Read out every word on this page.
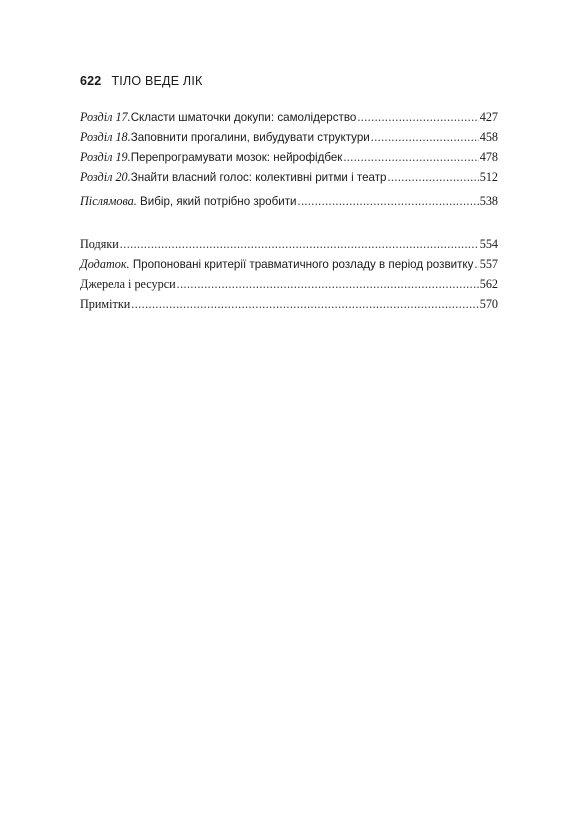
622 ТІЛО ВЕДЕ ЛІК
Розділ 17. Скласти шматочки докупи: самолідерство .....	427
Розділ 18. Заповнити прогалини, вибудувати структури .....	458
Розділ 19. Перепрограмувати мозок: нейрофідбек .....	478
Розділ 20. Знайти власний голос: колективні ритми і театр .....	512
Післямова. Вибір, який потрібно зробити .....	538
Подяки .....	554
Додаток. Пропоновані критерії травматичного розладу в період розвитку ..... 557
Джерела і ресурси .....	562
Примітки .....	570
